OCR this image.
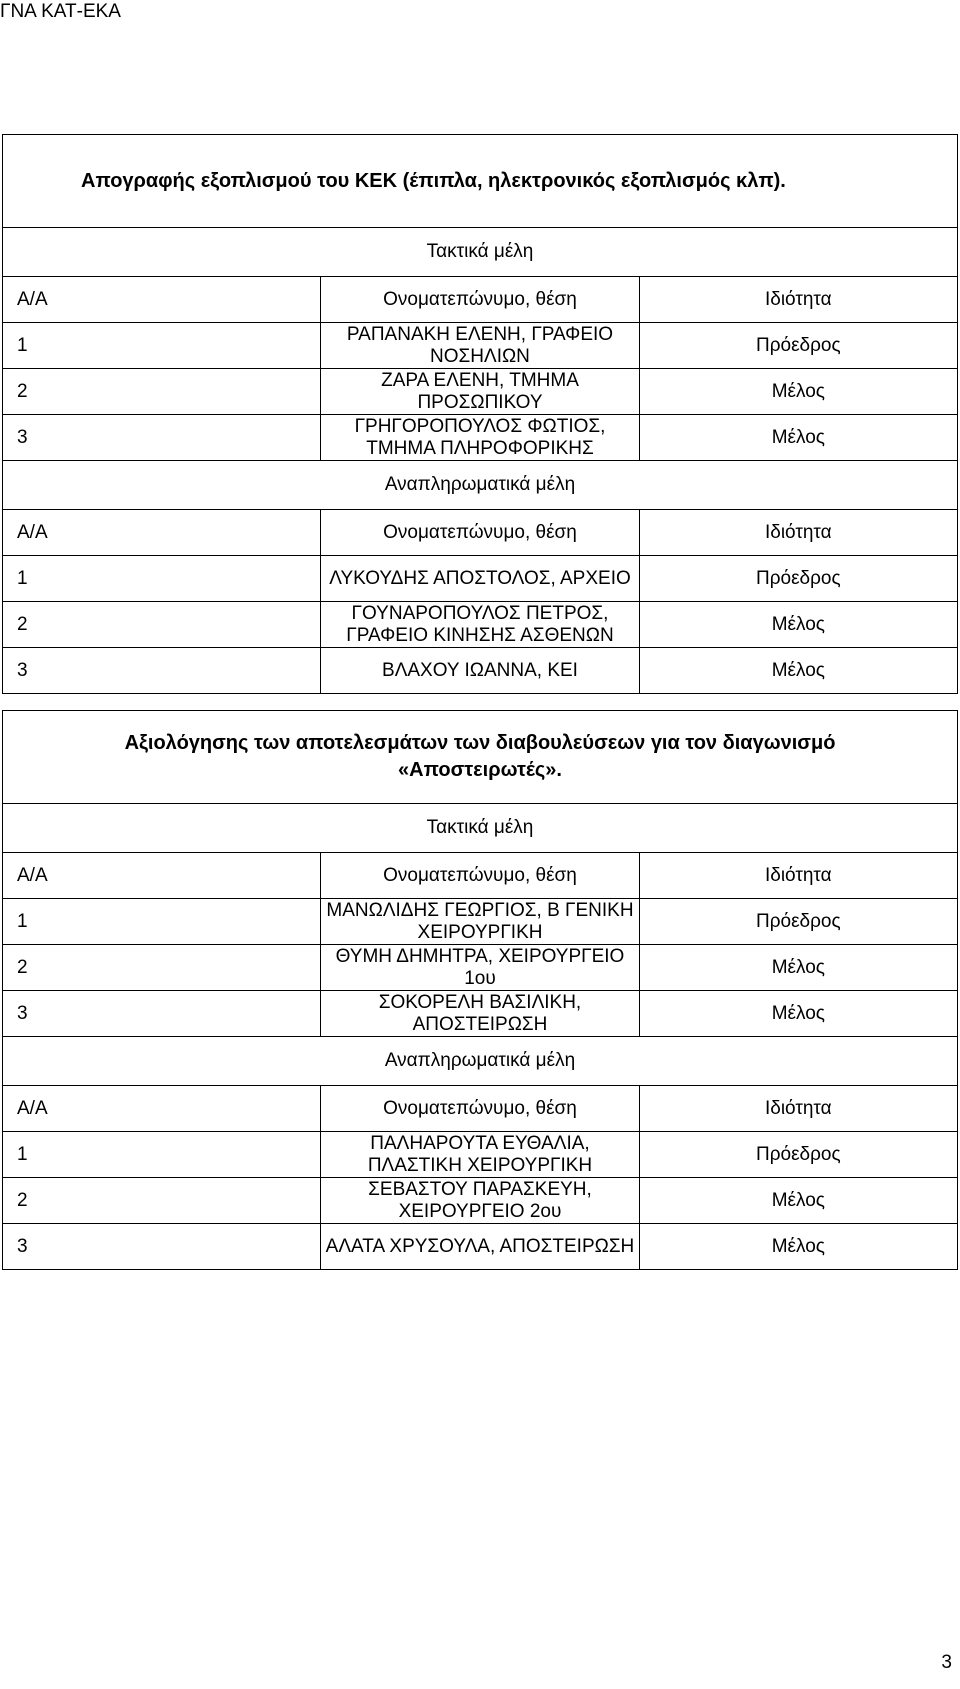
ΓΝΑ ΚΑΤ-ΕΚΑ
Απογραφής εξοπλισμού του ΚΕΚ (έπιπλα, ηλεκτρονικός εξοπλισμός κλπ).		
Τακτικά μέλη		
Α/Α	Ονοματεπώνυμο, θέση	Ιδιότητα
1	ΡΑΠΑΝΑΚΗ ΕΛΕΝΗ, ΓΡΑΦΕΙΟ ΝΟΣΗΛΙΩΝ	Πρόεδρος
2	ΖΑΡΑ ΕΛΕΝΗ, ΤΜΗΜΑ ΠΡΟΣΩΠΙΚΟΥ	Μέλος
3	ΓΡΗΓΟΡΟΠΟΥΛΟΣ ΦΩΤΙΟΣ, ΤΜΗΜΑ ΠΛΗΡΟΦΟΡΙΚΗΣ	Μέλος
Αναπληρωματικά μέλη		
Α/Α	Ονοματεπώνυμο, θέση	Ιδιότητα
1	ΛΥΚΟΥΔΗΣ ΑΠΟΣΤΟΛΟΣ, ΑΡΧΕΙΟ	Πρόεδρος
2	ΓΟΥΝΑΡΟΠΟΥΛΟΣ ΠΕΤΡΟΣ, ΓΡΑΦΕΙΟ ΚΙΝΗΣΗΣ ΑΣΘΕΝΩΝ	Μέλος
3	ΒΛΑΧΟΥ ΙΩΑΝΝΑ, ΚΕΙ	Μέλος
Αξιολόγησης των αποτελεσμάτων των διαβουλεύσεων για τον διαγωνισμό
«Αποστειρωτές».		

Τακτικά μέλη		
Α/Α	Ονοματεπώνυμο, θέση	Ιδιότητα
1	ΜΑΝΩΛΙΔΗΣ ΓΕΩΡΓΙΟΣ, Β ΓΕΝΙΚΗ ΧΕΙΡΟΥΡΓΙΚΗ	Πρόεδρος
2	ΘΥΜΗ ΔΗΜΗΤΡΑ, ΧΕΙΡΟΥΡΓΕΙΟ 1ου	Μέλος
3	ΣΟΚΟΡΕΛΗ ΒΑΣΙΛΙΚΗ, ΑΠΟΣΤΕΙΡΩΣΗ	Μέλος
Αναπληρωματικά μέλη		
Α/Α	Ονοματεπώνυμο, θέση	Ιδιότητα
1	ΠΑΛΗΑΡΟΥΤΑ ΕΥΘΑΛΙΑ, ΠΛΑΣΤΙΚΗ ΧΕΙΡΟΥΡΓΙΚΗ	Πρόεδρος
2	ΣΕΒΑΣΤΟΥ ΠΑΡΑΣΚΕΥΗ, ΧΕΙΡΟΥΡΓΕΙΟ 2ου	Μέλος
3	ΑΛΑΤΑ ΧΡΥΣΟΥΛΑ, ΑΠΟΣΤΕΙΡΩΣΗ	Μέλος
3
